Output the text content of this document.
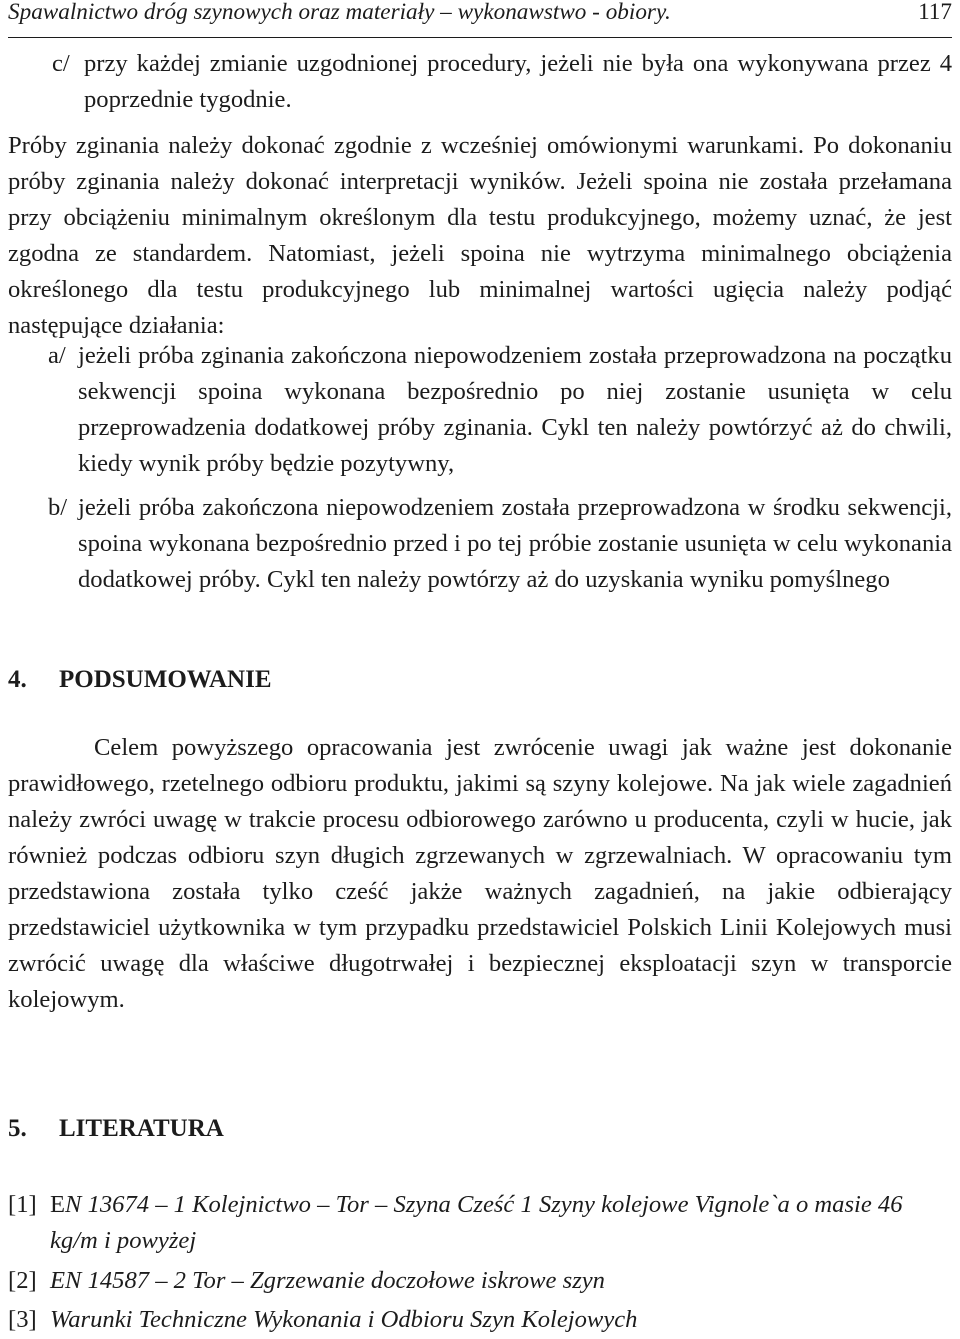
Spawalnictwo dróg szynowych oraz materiały – wykonawstwo - obiory.	117
c/ przy każdej zmianie uzgodnionej procedury, jeżeli nie była ona wykonywana przez 4 poprzednie tygodnie.

Próby zginania należy dokonać zgodnie z wcześniej omówionymi warunkami. Po dokonaniu próby zginania należy dokonać interpretacji wyników. Jeżeli spoina nie została przełamana przy obciążeniu minimalnym określonym dla testu produkcyjnego, możemy uznać, że jest zgodna ze standardem. Natomiast, jeżeli spoina nie wytrzyma minimalnego obciążenia określonego dla testu produkcyjnego lub minimalnej wartości ugięcia należy podjąć następujące działania:

a/ jeżeli próba zginania zakończona niepowodzeniem została przeprowadzona na początku sekwencji spoina wykonana bezpośrednio po niej zostanie usunięta w celu przeprowadzenia dodatkowej próby zginania. Cykl ten należy powtórzyć aż do chwili, kiedy wynik próby będzie pozytywny,

b/ jeżeli próba zakończona niepowodzeniem została przeprowadzona w środku sekwencji, spoina wykonana bezpośrednio przed i po tej próbie zostanie usunięta w celu wykonania dodatkowej próby. Cykl ten należy powtórzy aż do uzyskania wyniku pomyślnego

4. PODSUMOWANIE

Celem powyższego opracowania jest zwrócenie uwagi jak ważne jest dokonanie prawidłowego, rzetelnego odbioru produktu, jakimi są szyny kolejowe. Na jak wiele zagadnień należy zwróci uwagę w trakcie procesu odbiorowego zarówno u producenta, czyli w hucie, jak również podczas odbioru szyn długich zgrzewanych w zgrzewalniach. W opracowaniu tym przedstawiona została tylko cześć jakże ważnych zagadnień, na jakie odbierający przedstawiciel użytkownika w tym przypadku przedstawiciel Polskich Linii Kolejowych musi zwrócić uwagę dla właściwe długotrwałej i bezpiecznej eksploatacji szyn w transporcie kolejowym.

5. LITERATURA
[1] EN 13674 – 1 Kolejnictwo – Tor – Szyna Cześć 1 Szyny kolejowe Vignole`a o masie 46 kg/m i powyżej
[2] EN 14587 – 2 Tor – Zgrzewanie doczołowe iskrowe szyn
[3] Warunki Techniczne Wykonania i Odbioru Szyn Kolejowych
